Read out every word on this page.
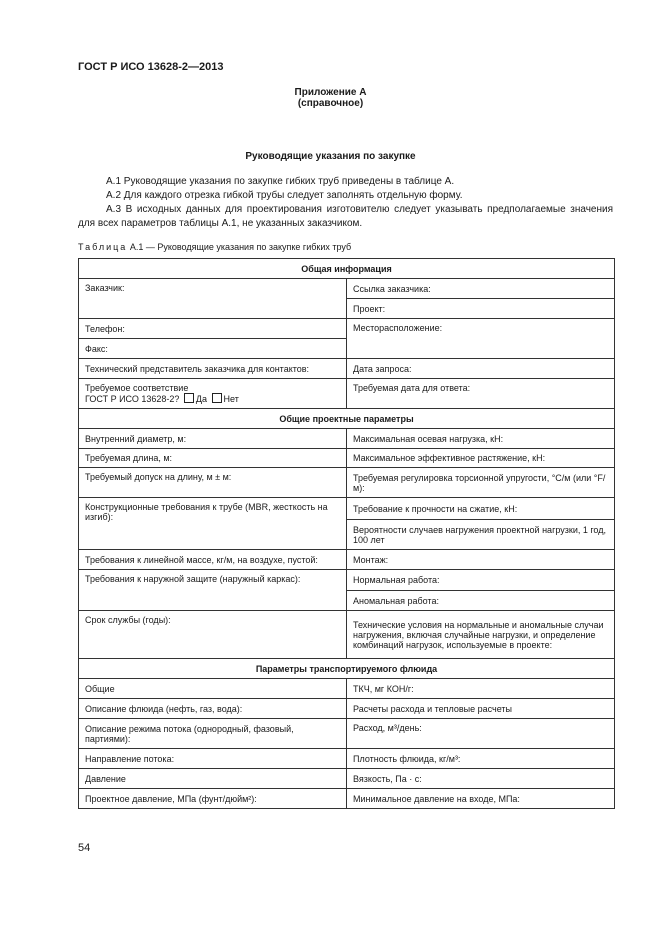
ГОСТ Р ИСО 13628-2—2013
Приложение А
(справочное)
Руководящие указания по закупке
А.1 Руководящие указания по закупке гибких труб приведены в таблице А.
А.2 Для каждого отрезка гибкой трубы следует заполнять отдельную форму.
А.3 В исходных данных для проектирования изготовителю следует указывать предполагаемые значения для всех параметров таблицы А.1, не указанных заказчиком.
Таблица А.1 — Руководящие указания по закупке гибких труб
Общая информация	
Заказчик:	Ссылка заказчика:
	Проект:
Телефон:	Месторасположение:
Факс:	
Технический представитель заказчика для контактов:	Дата запроса:

Требуемое соответствие
ГОСТ Р ИСО 13628-2? Да Нет	Требуемая дата для ответа:
Общие проектные параметры	
Внутренний диаметр, м:	Максимальная осевая нагрузка, кН:
Требуемая длина, м:	Максимальное эффективное растяжение, кН:
Требуемый допуск на длину, м ± м:	Требуемая регулировка торсионной упругости, °С/м (или °F/м):
Конструкционные требования к трубе (MBR, жесткость на изгиб):	Требование к прочности на сжатие, кН:
	Вероятности случаев нагружения проектной нагрузки, 1 год, 100 лет
Требования к линейной массе, кг/м, на воздухе, пустой:	Монтаж:
Требования к наружной защите (наружный каркас):	Нормальная работа:
	Аномальная работа:
Срок службы (годы):	Технические условия на нормальные и аномальные случаи нагружения, включая случайные нагрузки, и определение комбинаций нагрузок, используемые в проекте:
Параметры транспортируемого флюида	
Общие	ТКЧ, мг КОН/г:
Описание флюида (нефть, газ, вода):	Расчеты расхода и тепловые расчеты
Описание режима потока (однородный, фазовый, партиями):	Расход, м³/день:
Направление потока:	Плотность флюида, кг/м³:
Давление	Вязкость, Па · с:
Проектное давление, МПа (фунт/дюйм²):	Минимальное давление на входе, МПа:
54
